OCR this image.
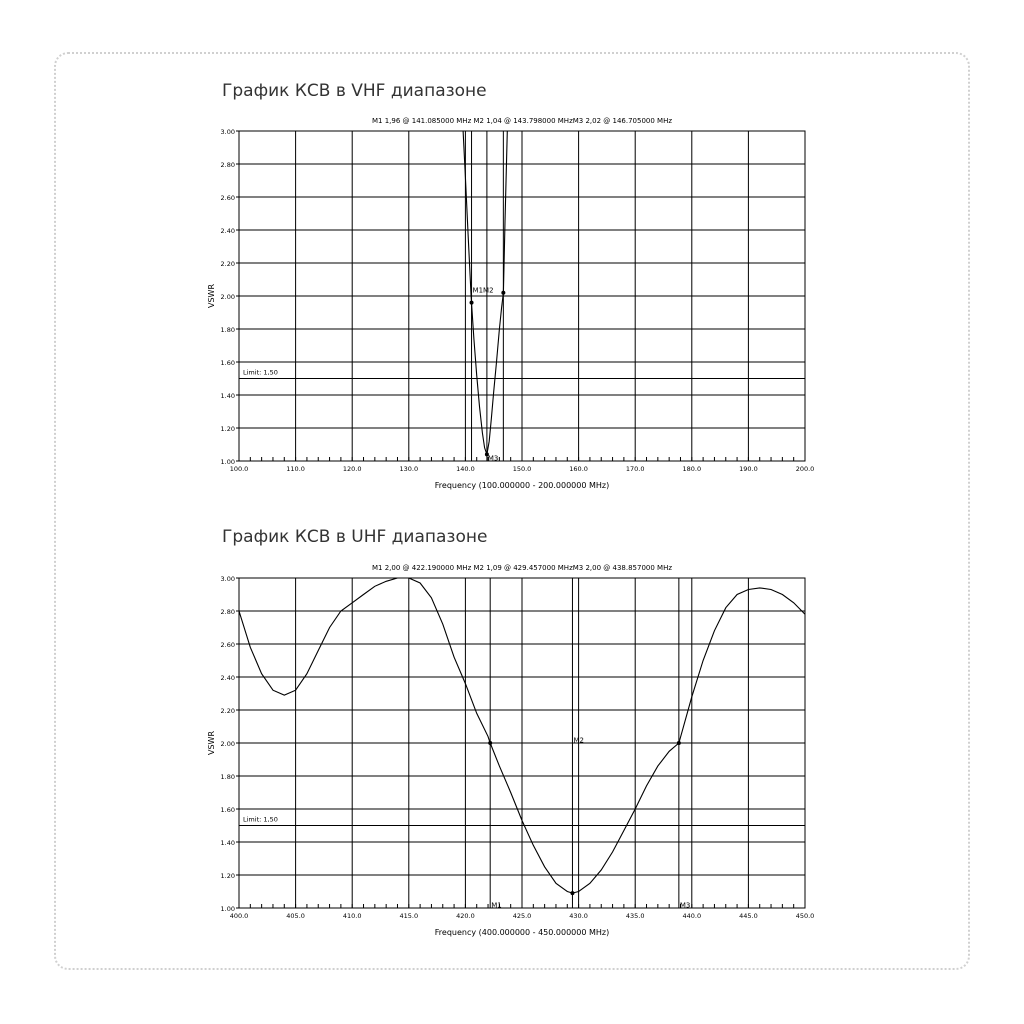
График КСВ в VHF диапазоне
График КСВ в UHF диапазоне
1.00
1.20
1.40
1.60
1.80
2.00
2.20
2.40
2.60
2.80
3.00
100.0	110.0	120.0	130.0	140.0	150.0	160.0	170.0	180.0	190.0	200.0
Limit: 1,50
M1M2
M3
M1 1,96 @ 141.085000 MHz M2 1,04 @ 143.798000 MHzM3 2,02 @ 146.705000 MHz
Frequency (100.000000 - 200.000000 MHz)
VSWR
1.00
1.20
1.40
1.60
1.80
2.00
2.20
2.40
2.60
2.80
3.00
400.0	405.0	410.0	415.0	420.0	425.0	430.0	435.0	440.0	445.0	450.0
Limit: 1,50
M1
M2
M3
M1 2,00 @ 422.190000 MHz M2 1,09 @ 429.457000 MHzM3 2,00 @ 438.857000 MHz
Frequency (400.000000 - 450.000000 MHz)
VSWR
